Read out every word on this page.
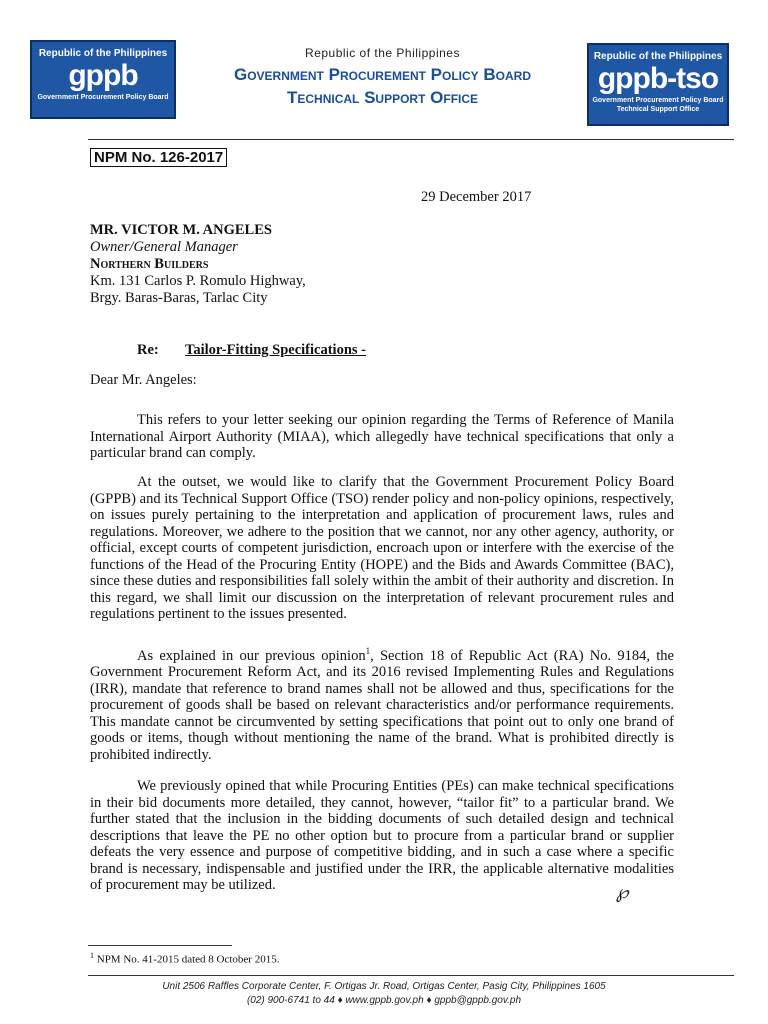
Republic of the Philippines
gppb
Government Procurement Policy Board
Republic of the Philippines
gppb-tso
Government Procurement Policy Board Technical Support Office
Republic of the Philippines
Government Procurement Policy Board
Technical Support Office
NPM No. 126-2017
29 December 2017
MR. VICTOR M. ANGELES
Owner/General Manager
Northern Builders
Km. 131 Carlos P. Romulo Highway,
Brgy. Baras-Baras, Tarlac City
Re: Tailor-Fitting Specifications -
Dear Mr. Angeles:
This refers to your letter seeking our opinion regarding the Terms of Reference of Manila International Airport Authority (MIAA), which allegedly have technical specifications that only a particular brand can comply.
At the outset, we would like to clarify that the Government Procurement Policy Board (GPPB) and its Technical Support Office (TSO) render policy and non-policy opinions, respectively, on issues purely pertaining to the interpretation and application of procurement laws, rules and regulations. Moreover, we adhere to the position that we cannot, nor any other agency, authority, or official, except courts of competent jurisdiction, encroach upon or interfere with the exercise of the functions of the Head of the Procuring Entity (HOPE) and the Bids and Awards Committee (BAC), since these duties and responsibilities fall solely within the ambit of their authority and discretion. In this regard, we shall limit our discussion on the interpretation of relevant procurement rules and regulations pertinent to the issues presented.
As explained in our previous opinion$^1$, Section 18 of Republic Act (RA) No. 9184, the Government Procurement Reform Act, and its 2016 revised Implementing Rules and Regulations (IRR), mandate that reference to brand names shall not be allowed and thus, specifications for the procurement of goods shall be based on relevant characteristics and/or performance requirements. This mandate cannot be circumvented by setting specifications that point out to only one brand of goods or items, though without mentioning the name of the brand. What is prohibited directly is prohibited indirectly.
We previously opined that while Procuring Entities (PEs) can make technical specifications in their bid documents more detailed, they cannot, however, “tailor fit” to a particular brand. We further stated that the inclusion in the bidding documents of such detailed design and technical descriptions that leave the PE no other option but to procure from a particular brand or supplier defeats the very essence and purpose of competitive bidding, and in such a case where a specific brand is necessary, indispensable and justified under the IRR, the applicable alternative modalities of procurement may be utilized.	℘
$^1$ NPM No. 41-2015 dated 8 October 2015.
Unit 2506 Raffles Corporate Center, F. Ortigas Jr. Road, Ortigas Center, Pasig City, Philippines 1605
(02) 900-6741 to 44 ♦ www.gppb.gov.ph ♦ gppb@gppb.gov.ph
